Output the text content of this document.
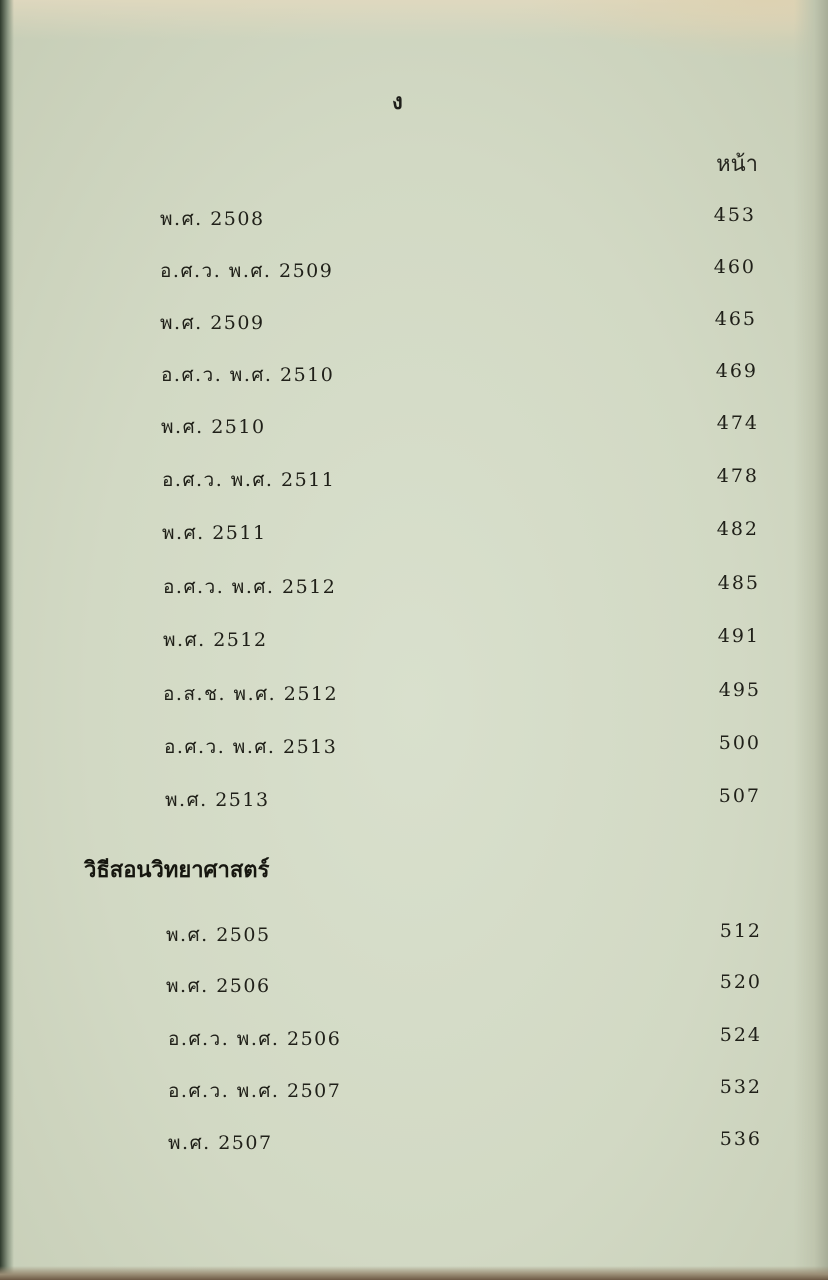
ง
หน้า
พ.ศ. 2508	453
อ.ศ.ว. พ.ศ. 2509	460
พ.ศ. 2509	465
อ.ศ.ว. พ.ศ. 2510	469
พ.ศ. 2510	474
อ.ศ.ว. พ.ศ. 2511	478
พ.ศ. 2511	482
อ.ศ.ว. พ.ศ. 2512	485
พ.ศ. 2512	491
อ.ส.ช. พ.ศ. 2512	495
อ.ศ.ว. พ.ศ. 2513	500
พ.ศ. 2513	507
วิธีสอนวิทยาศาสตร์
พ.ศ. 2505	512
พ.ศ. 2506	520
อ.ศ.ว. พ.ศ. 2506	524
อ.ศ.ว. พ.ศ. 2507	532
พ.ศ. 2507	536
